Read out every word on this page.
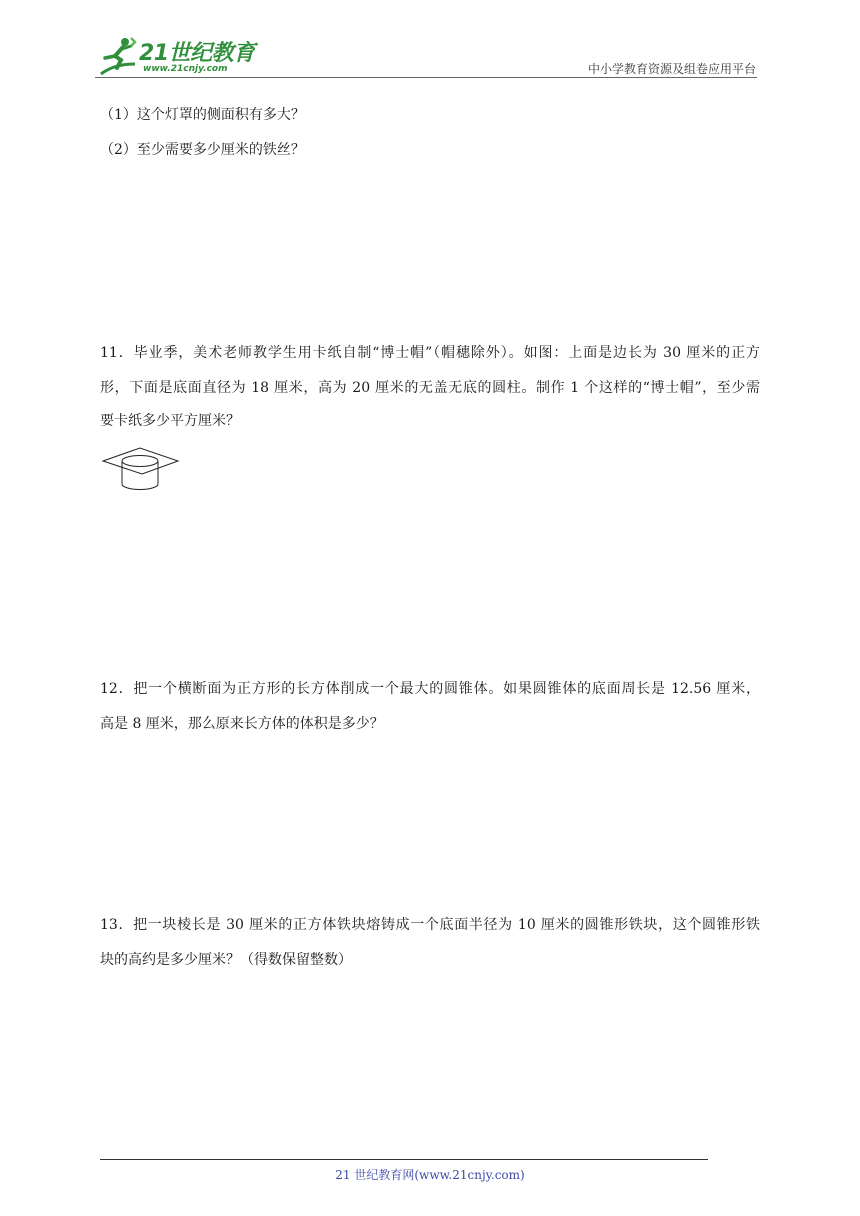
21世纪教育
www.21cnjy.com	中小学教育资源及组卷应用平台
（1）这个灯罩的侧面积有多大？
（2）至少需要多少厘米的铁丝？
11．毕业季，美术老师教学生用卡纸自制“博士帽”（帽穗除外）。如图：上面是边长为 30 厘米的正方
形，下面是底面直径为 18 厘米，高为 20 厘米的无盖无底的圆柱。制作 1 个这样的“博士帽”，至少需
要卡纸多少平方厘米？
12．把一个横断面为正方形的长方体削成一个最大的圆锥体。如果圆锥体的底面周长是 12.56 厘米，
高是 8 厘米，那么原来长方体的体积是多少？
13．把一块棱长是 30 厘米的正方体铁块熔铸成一个底面半径为 10 厘米的圆锥形铁块，这个圆锥形铁
块的高约是多少厘米？（得数保留整数）
21 世纪教育网(www.21cnjy.com)
